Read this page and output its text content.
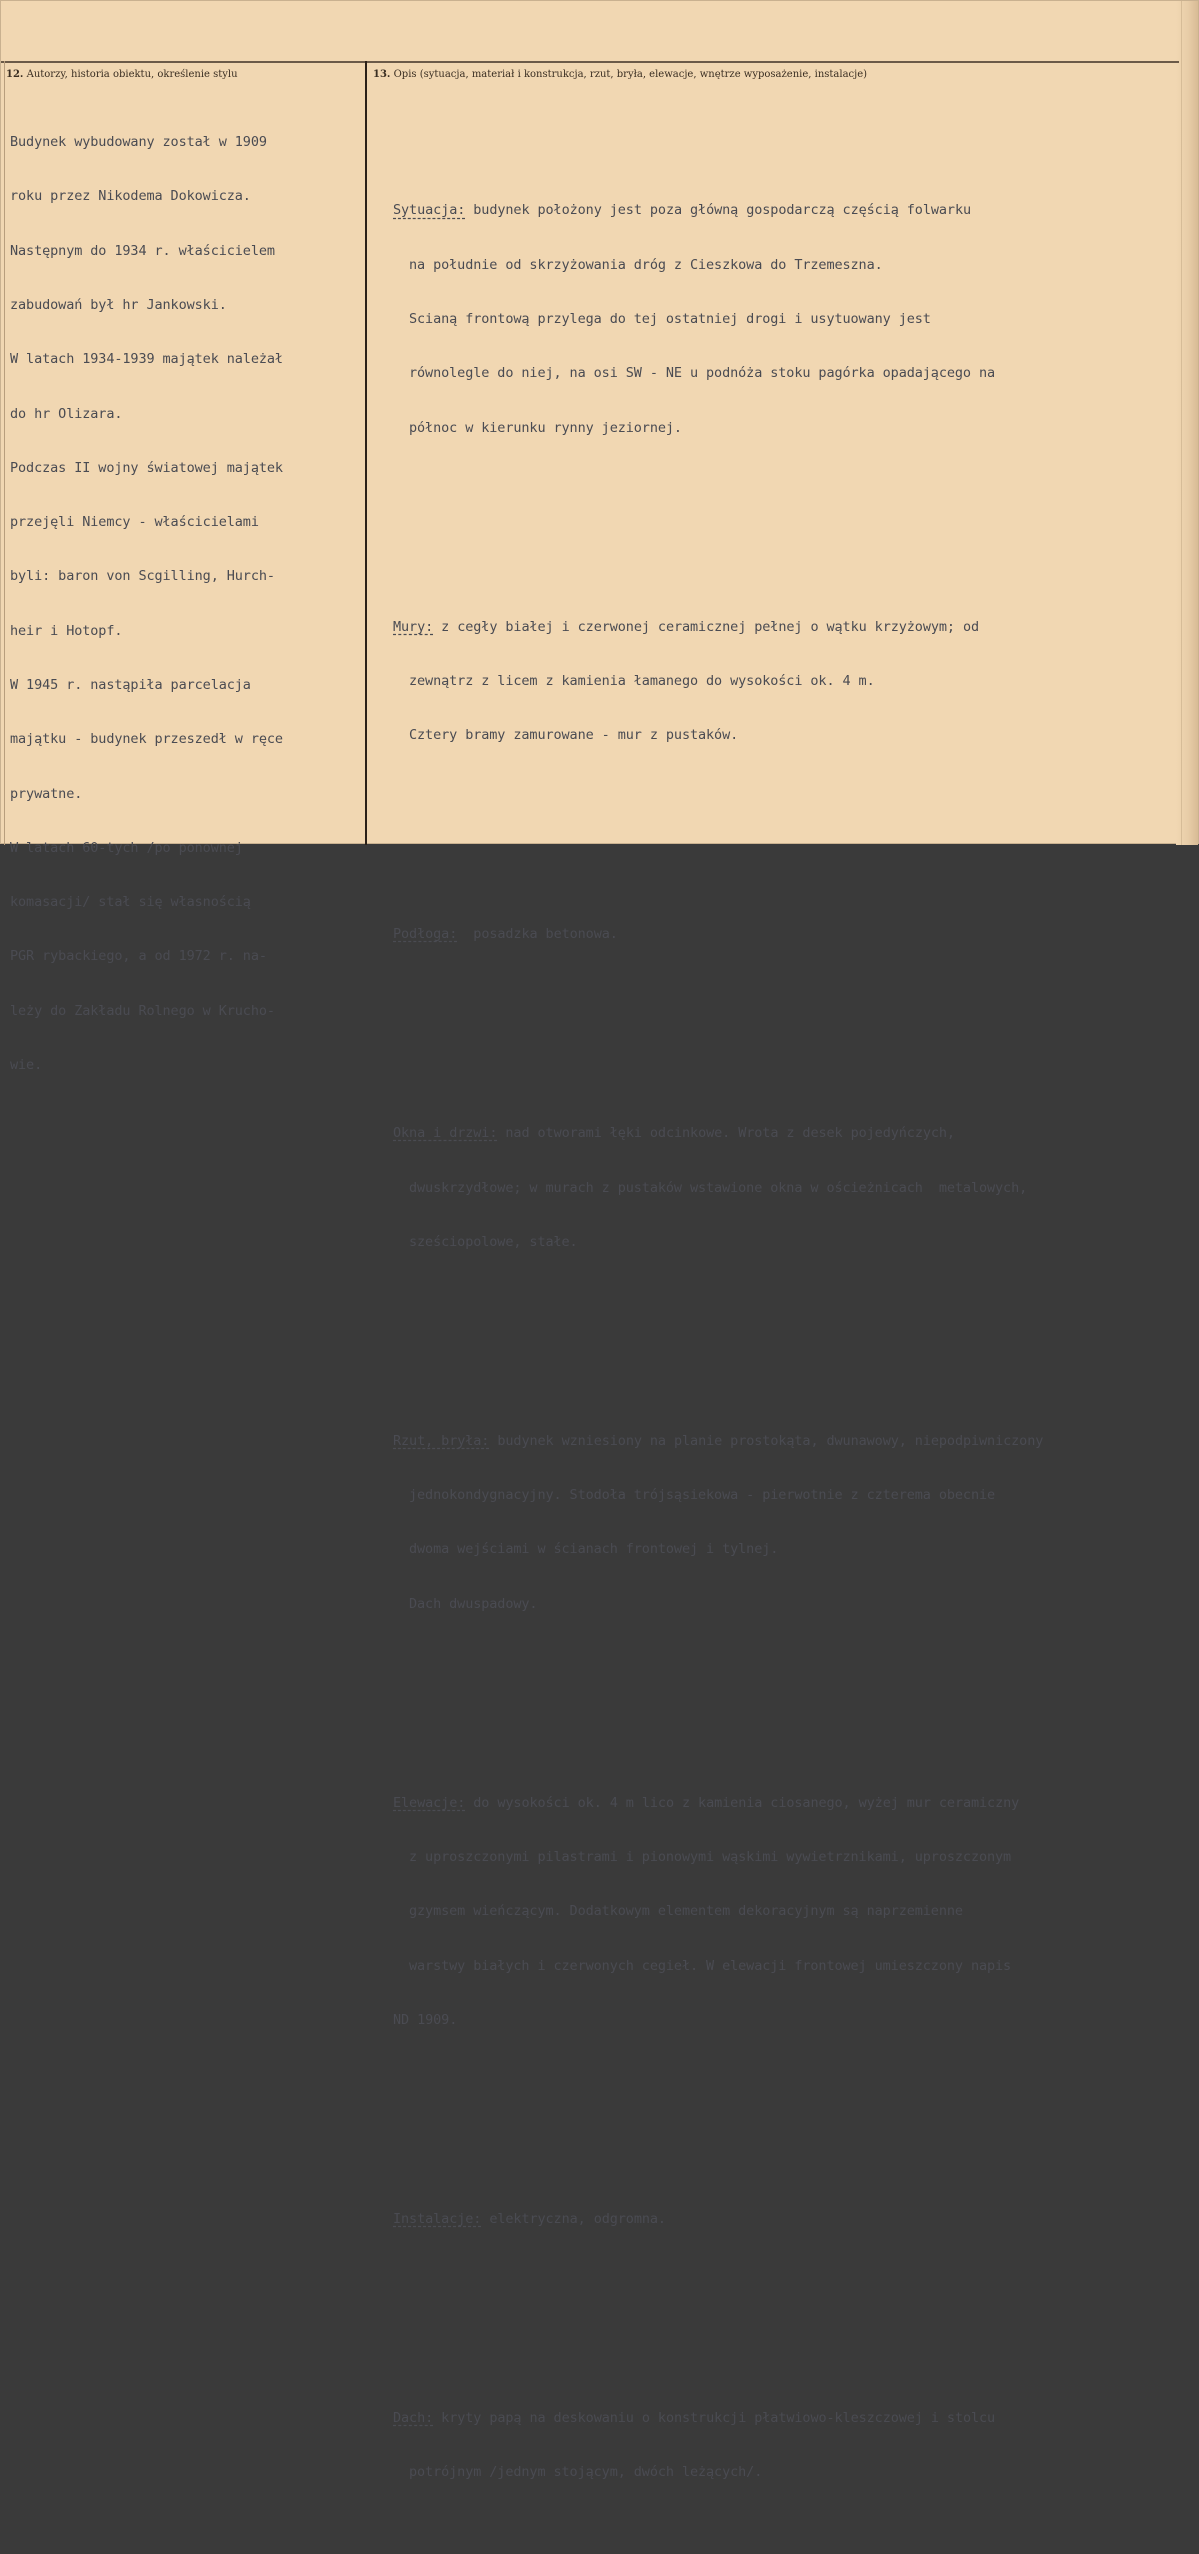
12. Autorzy, historia obiektu, określenie stylu	13. Opis (sytuacja, materiał i konstrukcja, rzut, bryła, elewacje, wnętrze wyposażenie, instalacje)

Budynek wybudowany został w 1909

roku przez Nikodema Dokowicza.

Następnym do 1934 r. właścicielem

zabudowań był hr Jankowski.

W latach 1934-1939 majątek należał

do hr Olizara.

Podczas II wojny światowej majątek

przejęli Niemcy - właścicielami

byli: baron von Scgilling, Hurch-

heir i Hotopf.

W 1945 r. nastąpiła parcelacja

majątku - budynek przeszedł w ręce

prywatne.

W latach 60-tych /po ponownej

komasacji/ stał się własnością

PGR rybackiego, a od 1972 r. na-

leży do Zakładu Rolnego w Krucho-

wie.

Sytuacja: budynek położony jest poza główną gospodarczą częścią folwarku

na południe od skrzyżowania dróg z Cieszkowa do Trzemeszna.

Scianą frontową przylega do tej ostatniej drogi i usytuowany jest

równolegle do niej, na osi SW - NE u podnóża stoku pagórka opadającego na

północ w kierunku rynny jeziornej.

Mury: z cegły białej i czerwonej ceramicznej pełnej o wątku krzyżowym; od

zewnątrz z licem z kamienia łamanego do wysokości ok. 4 m.

Cztery bramy zamurowane - mur z pustaków.

Podłoga:  posadzka betonowa.

Okna i drzwi: nad otworami łęki odcinkowe. Wrota z desek pojedyńczych,

dwuskrzydłowe; w murach z pustaków wstawione okna w ościeżnicach  metalowych,

sześciopolowe, stałe.

Rzut, bryła: budynek wzniesiony na planie prostokąta, dwunawowy, niepodpiwniczony

jednokondygnacyjny. Stodoła trójsąsiekowa - pierwotnie z czterema obecnie

dwoma wejściami w ścianach frontowej i tylnej.

Dach dwuspadowy.

Elewacje: do wysokości ok. 4 m lico z kamienia ciosanego, wyżej mur ceramiczny

z uproszczonymi pilastrami i pionowymi wąskimi wywietrznikami, uproszczonym

gzymsem wieńczącym. Dodatkowym elementem dekoracyjnym są naprzemienne

warstwy białych i czerwonych cegieł. W elewacji frontowej umieszczony napis

ND 1909.

Instalacje: elektryczna, odgromna.

Dach: kryty papą na deskowaniu o konstrukcji płatwiowo-kleszczowej i stolcu

potrójnym /jednym stojącym, dwóch leżących/.
